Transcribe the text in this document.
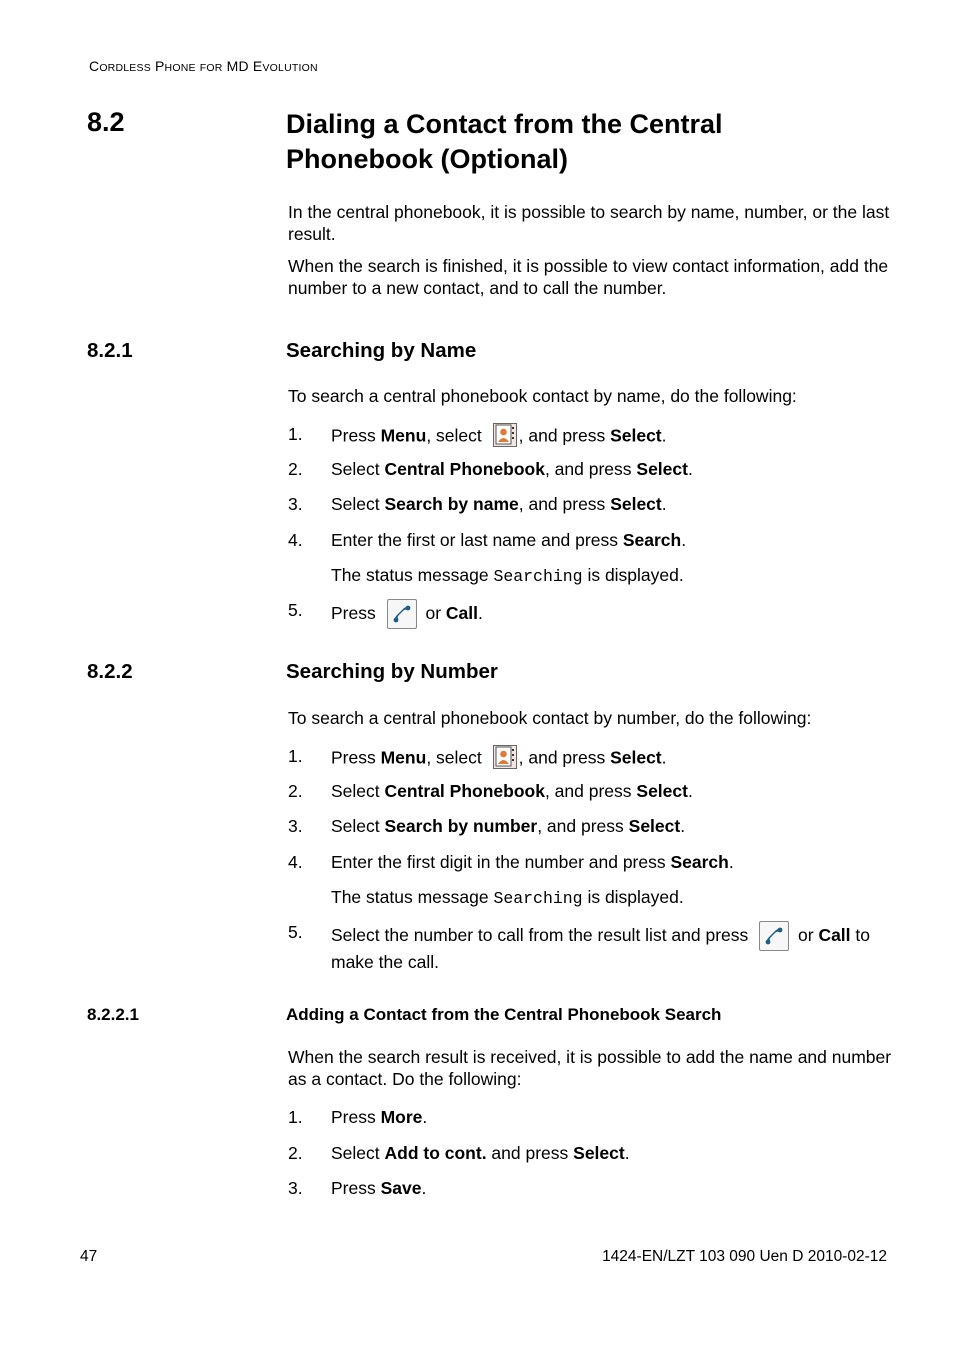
CORDLESS PHONE FOR MD EVOLUTION
8.2	Dialing a Contact from the Central Phonebook (Optional)
In the central phonebook, it is possible to search by name, number, or the last result.
When the search is finished, it is possible to view contact information, add the number to a new contact, and to call the number.
8.2.1	Searching by Name
To search a central phonebook contact by name, do the following:
1. Press Menu, select
, and press Select.
2. Select Central Phonebook, and press Select.
3. Select Search by name, and press Select.
4. Enter the first or last name and press Search.
The status message Searching is displayed.
5. Press
or Call.
8.2.2	Searching by Number
To search a central phonebook contact by number, do the following:
1. Press Menu, select
, and press Select.
2. Select Central Phonebook, and press Select.
3. Select Search by number, and press Select.
4. Enter the first digit in the number and press Search.
The status message Searching is displayed.
5. Select the number to call from the result list and press
or Call to make the call.
8.2.2.1	Adding a Contact from the Central Phonebook Search
When the search result is received, it is possible to add the name and number as a contact. Do the following:
1. Press More.
2. Select Add to cont. and press Select.
3. Press Save.
47	1424-EN/LZT 103 090 Uen D 2010-02-12
